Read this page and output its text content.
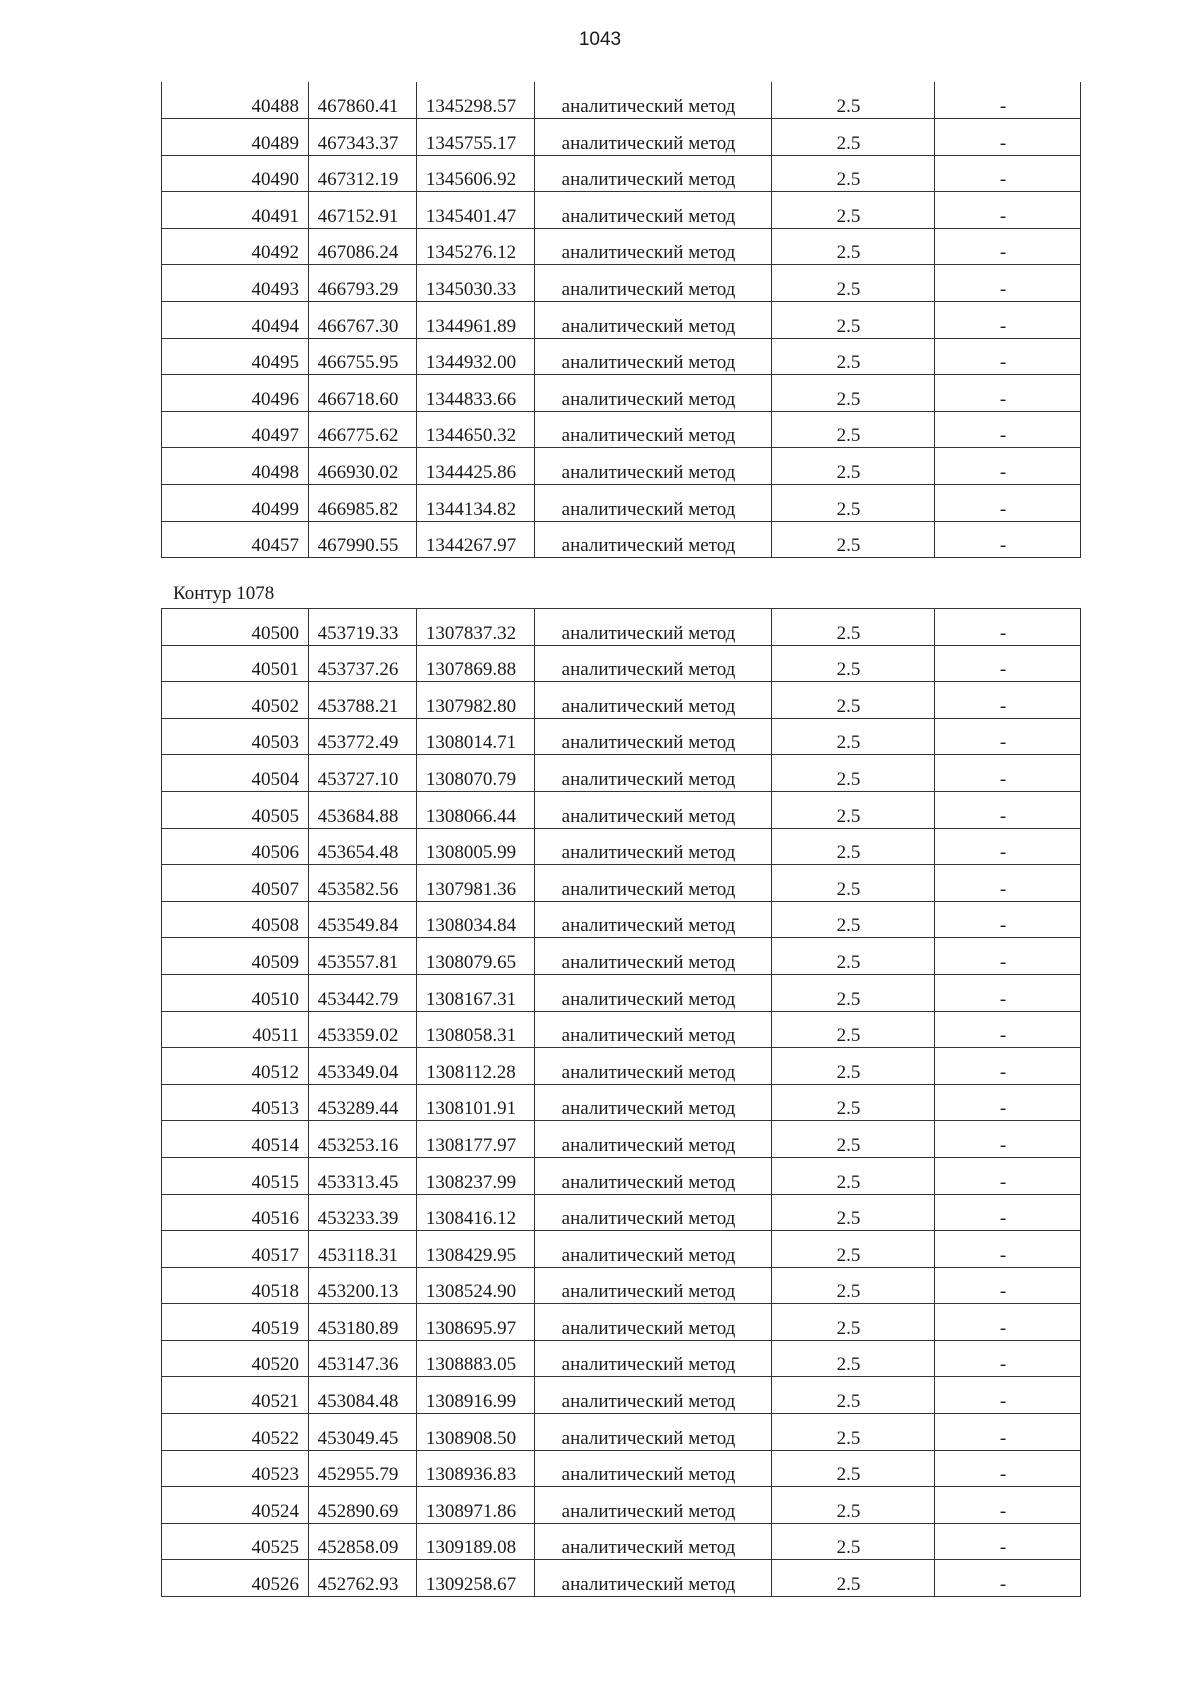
1043
40488	467860.41	1345298.57	аналитический метод	2.5	-
40489	467343.37	1345755.17	аналитический метод	2.5	-
40490	467312.19	1345606.92	аналитический метод	2.5	-
40491	467152.91	1345401.47	аналитический метод	2.5	-
40492	467086.24	1345276.12	аналитический метод	2.5	-
40493	466793.29	1345030.33	аналитический метод	2.5	-
40494	466767.30	1344961.89	аналитический метод	2.5	-
40495	466755.95	1344932.00	аналитический метод	2.5	-
40496	466718.60	1344833.66	аналитический метод	2.5	-
40497	466775.62	1344650.32	аналитический метод	2.5	-
40498	466930.02	1344425.86	аналитический метод	2.5	-
40499	466985.82	1344134.82	аналитический метод	2.5	-
40457	467990.55	1344267.97	аналитический метод	2.5	-
Контур 1078
40500	453719.33	1307837.32	аналитический метод	2.5	-
40501	453737.26	1307869.88	аналитический метод	2.5	-
40502	453788.21	1307982.80	аналитический метод	2.5	-
40503	453772.49	1308014.71	аналитический метод	2.5	-
40504	453727.10	1308070.79	аналитический метод	2.5	-
40505	453684.88	1308066.44	аналитический метод	2.5	-
40506	453654.48	1308005.99	аналитический метод	2.5	-
40507	453582.56	1307981.36	аналитический метод	2.5	-
40508	453549.84	1308034.84	аналитический метод	2.5	-
40509	453557.81	1308079.65	аналитический метод	2.5	-
40510	453442.79	1308167.31	аналитический метод	2.5	-
40511	453359.02	1308058.31	аналитический метод	2.5	-
40512	453349.04	1308112.28	аналитический метод	2.5	-
40513	453289.44	1308101.91	аналитический метод	2.5	-
40514	453253.16	1308177.97	аналитический метод	2.5	-
40515	453313.45	1308237.99	аналитический метод	2.5	-
40516	453233.39	1308416.12	аналитический метод	2.5	-
40517	453118.31	1308429.95	аналитический метод	2.5	-
40518	453200.13	1308524.90	аналитический метод	2.5	-
40519	453180.89	1308695.97	аналитический метод	2.5	-
40520	453147.36	1308883.05	аналитический метод	2.5	-
40521	453084.48	1308916.99	аналитический метод	2.5	-
40522	453049.45	1308908.50	аналитический метод	2.5	-
40523	452955.79	1308936.83	аналитический метод	2.5	-
40524	452890.69	1308971.86	аналитический метод	2.5	-
40525	452858.09	1309189.08	аналитический метод	2.5	-
40526	452762.93	1309258.67	аналитический метод	2.5	-
